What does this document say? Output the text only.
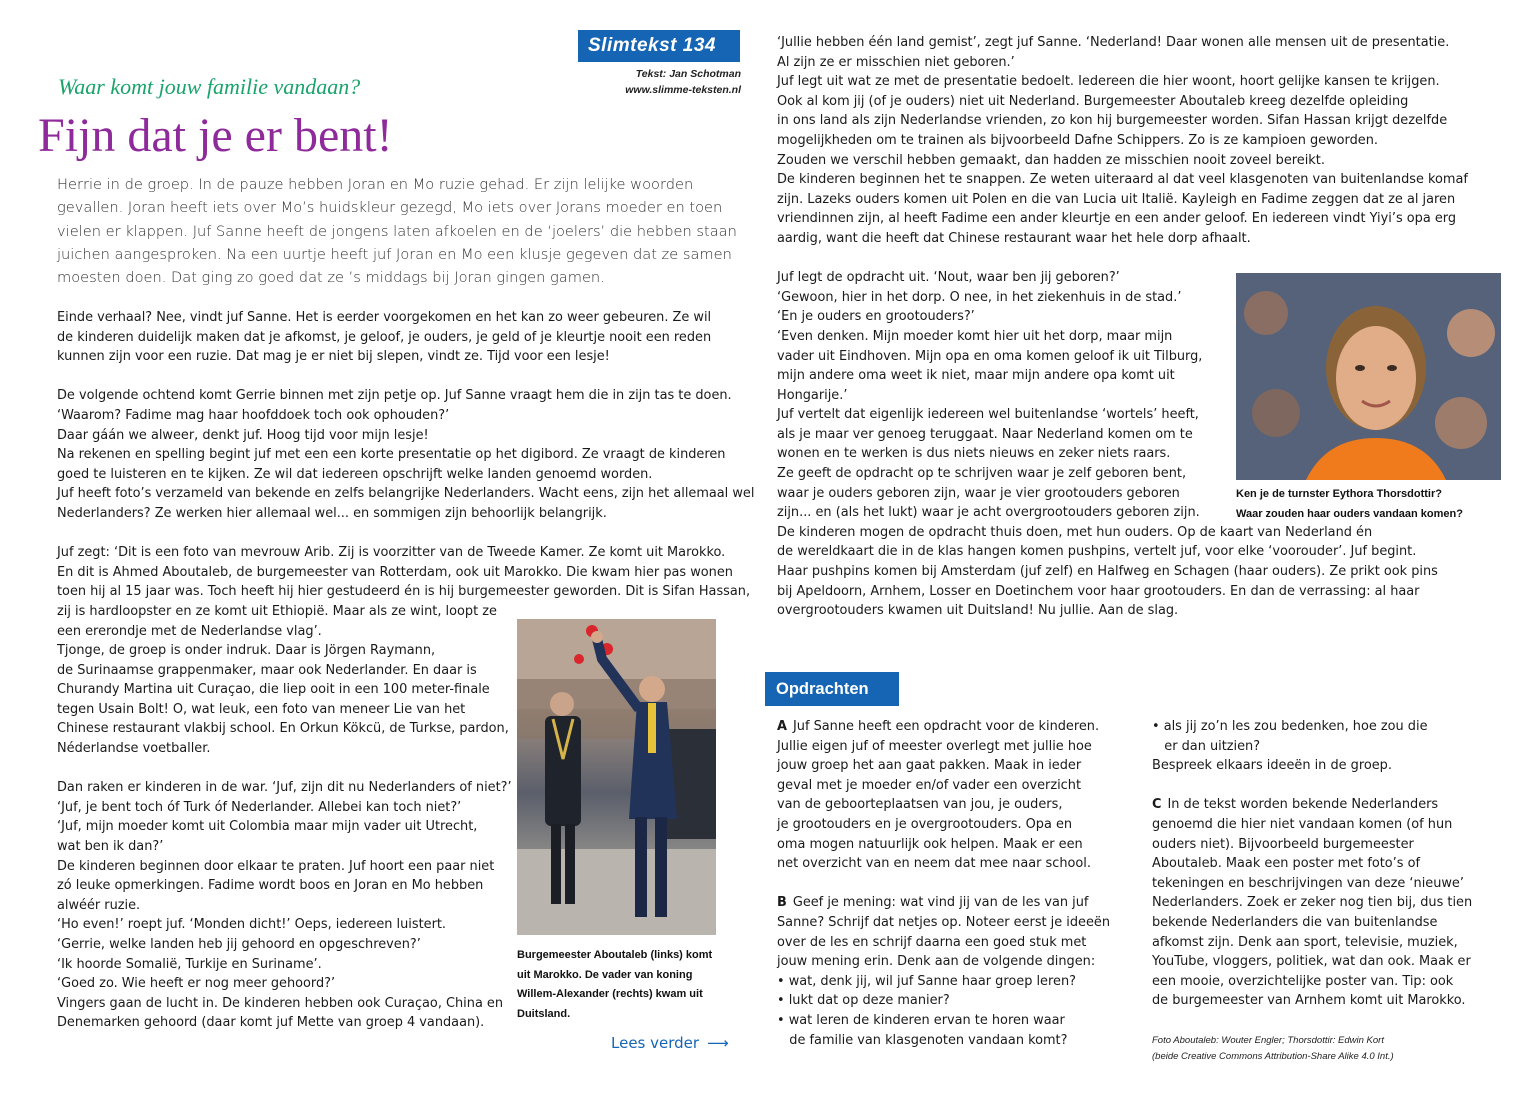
Slimtekst 134
Tekst: Jan Schotman
www.slimme-teksten.nl
Waar komt jouw familie vandaan?
Fijn dat je er bent!

Herrie in de groep. In de pauze hebben Joran en Mo ruzie gehad. Er zijn lelijke woorden

gevallen. Joran heeft iets over Mo’s huidskleur gezegd, Mo iets over Jorans moeder en toen

vielen er klappen. Juf Sanne heeft de jongens laten afkoelen en de ‘joelers’ die hebben staan

juichen aangesproken. Na een uurtje heeft juf Joran en Mo een klusje gegeven dat ze samen

moesten doen. Dat ging zo goed dat ze ’s middags bij Joran gingen gamen.

Einde verhaal? Nee, vindt juf Sanne. Het is eerder voorgekomen en het kan zo weer gebeuren. Ze wil

de kinderen duidelijk maken dat je afkomst, je geloof, je ouders, je geld of je kleurtje nooit een reden

kunnen zijn voor een ruzie. Dat mag je er niet bij slepen, vindt ze. Tijd voor een lesje!

De volgende ochtend komt Gerrie binnen met zijn petje op. Juf Sanne vraagt hem die in zijn tas te doen.

‘Waarom? Fadime mag haar hoofddoek toch ook ophouden?’

Daar gáán we alweer, denkt juf. Hoog tijd voor mijn lesje!

Na rekenen en spelling begint juf met een een korte presentatie op het digibord. Ze vraagt de kinderen

goed te luisteren en te kijken. Ze wil dat iedereen opschrijft welke landen genoemd worden.

Juf heeft foto’s verzameld van bekende en zelfs belangrijke Nederlanders. Wacht eens, zijn het allemaal wel

Nederlanders? Ze werken hier allemaal wel... en sommigen zijn behoorlijk belangrijk.

Juf zegt: ‘Dit is een foto van mevrouw Arib. Zij is voorzitter van de Tweede Kamer. Ze komt uit Marokko.

En dit is Ahmed Aboutaleb, de burgemeester van Rotterdam, ook uit Marokko. Die kwam hier pas wonen

toen hij al 15 jaar was. Toch heeft hij hier gestudeerd én is hij burgemeester geworden. Dit is Sifan Hassan,

zij is hardloopster en ze komt uit Ethiopië. Maar als ze wint, loopt ze

een ererondje met de Nederlandse vlag’.

Tjonge, de groep is onder indruk. Daar is Jörgen Raymann,

de Surinaamse grappenmaker, maar ook Nederlander. En daar is

Churandy Martina uit Curaçao, die liep ooit in een 100 meter-finale

tegen Usain Bolt! O, wat leuk, een foto van meneer Lie van het

Chinese restaurant vlakbij school. En Orkun Kökcü, de Turkse, pardon,

Néderlandse voetballer.

Dan raken er kinderen in de war. ‘Juf, zijn dit nu Nederlanders of niet?’

‘Juf, je bent toch óf Turk óf Nederlander. Allebei kan toch niet?’

‘Juf, mijn moeder komt uit Colombia maar mijn vader uit Utrecht,

wat ben ik dan?’

De kinderen beginnen door elkaar te praten. Juf hoort een paar niet

zó leuke opmerkingen. Fadime wordt boos en Joran en Mo hebben

alwéér ruzie.

‘Ho even!’ roept juf. ‘Monden dicht!’ Oeps, iedereen luistert.

‘Gerrie, welke landen heb jij gehoord en opgeschreven?’

‘Ik hoorde Somalië, Turkije en Suriname’.

‘Goed zo. Wie heeft er nog meer gehoord?’

Vingers gaan de lucht in. De kinderen hebben ook Curaçao, China en

Denemarken gehoord (daar komt juf Mette van groep 4 vandaan).

Burgemeester Aboutaleb (links) komt
uit Marokko. De vader van koning
Willem-Alexander (rechts) kwam uit
Duitsland.
Lees verder ⟶

‘Jullie hebben één land gemist’, zegt juf Sanne. ‘Nederland! Daar wonen alle mensen uit de presentatie.

Al zijn ze er misschien niet geboren.’

Juf legt uit wat ze met de presentatie bedoelt. Iedereen die hier woont, hoort gelijke kansen te krijgen.

Ook al kom jij (of je ouders) niet uit Nederland. Burgemeester Aboutaleb kreeg dezelfde opleiding

in ons land als zijn Nederlandse vrienden, zo kon hij burgemeester worden. Sifan Hassan krijgt dezelfde

mogelijkheden om te trainen als bijvoorbeeld Dafne Schippers. Zo is ze kampioen geworden.

Zouden we verschil hebben gemaakt, dan hadden ze misschien nooit zoveel bereikt.

De kinderen beginnen het te snappen. Ze weten uiteraard al dat veel klasgenoten van buitenlandse komaf

zijn. Lazeks ouders komen uit Polen en die van Lucia uit Italië. Kayleigh en Fadime zeggen dat ze al jaren

vriendinnen zijn, al heeft Fadime een ander kleurtje en een ander geloof. En iedereen vindt Yiyi’s opa erg

aardig, want die heeft dat Chinese restaurant waar het hele dorp afhaalt.

Juf legt de opdracht uit. ‘Nout, waar ben jij geboren?’

‘Gewoon, hier in het dorp. O nee, in het ziekenhuis in de stad.’

‘En je ouders en grootouders?’

‘Even denken. Mijn moeder komt hier uit het dorp, maar mijn

vader uit Eindhoven. Mijn opa en oma komen geloof ik uit Tilburg,

mijn andere oma weet ik niet, maar mijn andere opa komt uit

Hongarije.’

Juf vertelt dat eigenlijk iedereen wel buitenlandse ‘wortels’ heeft,

als je maar ver genoeg teruggaat. Naar Nederland komen om te

wonen en te werken is dus niets nieuws en zeker niets raars.

Ze geeft de opdracht op te schrijven waar je zelf geboren bent,

waar je ouders geboren zijn, waar je vier grootouders geboren

zijn... en (als het lukt) waar je acht overgrootouders geboren zijn.

De kinderen mogen de opdracht thuis doen, met hun ouders. Op de kaart van Nederland én

de wereldkaart die in de klas hangen komen pushpins, vertelt juf, voor elke ‘voorouder’. Juf begint.

Haar pushpins komen bij Amsterdam (juf zelf) en Halfweg en Schagen (haar ouders). Ze prikt ook pins

bij Apeldoorn, Arnhem, Losser en Doetinchem voor haar grootouders. En dan de verrassing: al haar

overgrootouders kwamen uit Duitsland! Nu jullie. Aan de slag.

Ken je de turnster Eythora Thorsdottir?
Waar zouden haar ouders vandaan komen?
Opdrachten

A Juf Sanne heeft een opdracht voor de kinderen.

Jullie eigen juf of meester overlegt met jullie hoe

jouw groep het aan gaat pakken. Maak in ieder

geval met je moeder en/of vader een overzicht

van de geboorteplaatsen van jou, je ouders,

je grootouders en je overgrootouders. Opa en

oma mogen natuurlijk ook helpen. Maak er een

net overzicht van en neem dat mee naar school.

B Geef je mening: wat vind jij van de les van juf

Sanne? Schrijf dat netjes op. Noteer eerst je ideeën

over de les en schrijf daarna een goed stuk met

jouw mening erin. Denk aan de volgende dingen:

• wat, denk jij, wil juf Sanne haar groep leren?

• lukt dat op deze manier?

• wat leren de kinderen ervan te horen waar

de familie van klasgenoten vandaan komt?

• als jij zo’n les zou bedenken, hoe zou die

er dan uitzien?

Bespreek elkaars ideeën in de groep.

C In de tekst worden bekende Nederlanders

genoemd die hier niet vandaan komen (of hun

ouders niet). Bijvoorbeeld burgemeester

Aboutaleb. Maak een poster met foto’s of

tekeningen en beschrijvingen van deze ‘nieuwe’

Nederlanders. Zoek er zeker nog tien bij, dus tien

bekende Nederlanders die van buitenlandse

afkomst zijn. Denk aan sport, televisie, muziek,

YouTube, vloggers, politiek, wat dan ook. Maak er

een mooie, overzichtelijke poster van. Tip: ook

de burgemeester van Arnhem komt uit Marokko.

Foto Aboutaleb: Wouter Engler; Thorsdottir: Edwin Kort
(beide Creative Commons Attribution-Share Alike 4.0 Int.)
